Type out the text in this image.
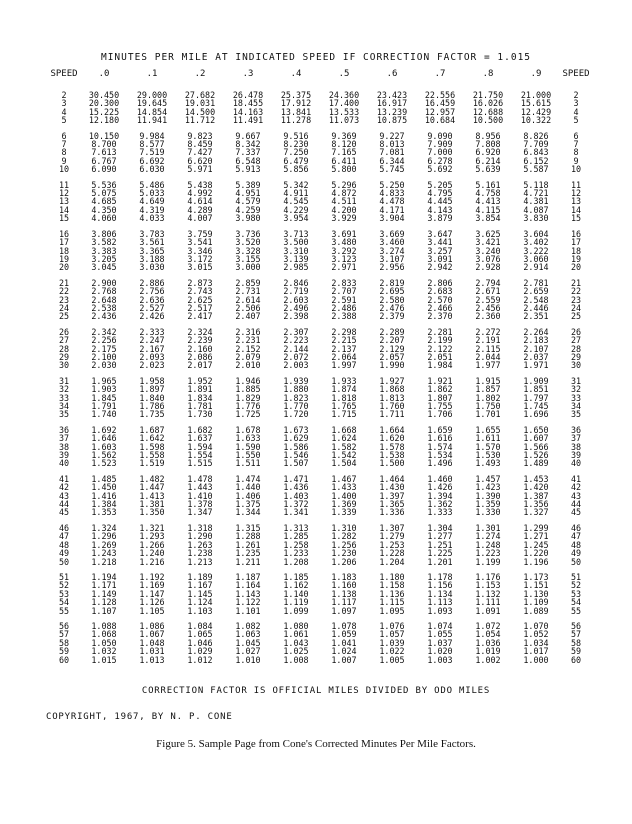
MINUTES PER MILE AT INDICATED SPEED IF CORRECTION FACTOR = 1.015
SPEED	.0	.1	.2	.3	.4	.5	.6	.7	.8	.9	SPEED
2	30.450	29.000	27.682	26.478	25.375	24.360	23.423	22.556	21.750	21.000	2
3	20.300	19.645	19.031	18.455	17.912	17.400	16.917	16.459	16.026	15.615	3
4	15.225	14.854	14.500	14.163	13.841	13.533	13.239	12.957	12.688	12.429	4
5	12.180	11.941	11.712	11.491	11.278	11.073	10.875	10.684	10.500	10.322	5
6	10.150	9.984	9.823	9.667	9.516	9.369	9.227	9.090	8.956	8.826	6
7	8.700	8.577	8.459	8.342	8.230	8.120	8.013	7.909	7.808	7.709	7
8	7.613	7.519	7.427	7.337	7.250	7.165	7.081	7.000	6.920	6.843	8
9	6.767	6.692	6.620	6.548	6.479	6.411	6.344	6.278	6.214	6.152	9
10	6.090	6.030	5.971	5.913	5.856	5.800	5.745	5.692	5.639	5.587	10
11	5.536	5.486	5.438	5.389	5.342	5.296	5.250	5.205	5.161	5.118	11
12	5.075	5.033	4.992	4.951	4.911	4.872	4.833	4.795	4.758	4.721	12
13	4.685	4.649	4.614	4.579	4.545	4.511	4.478	4.445	4.413	4.381	13
14	4.350	4.319	4.289	4.259	4.229	4.200	4.171	4.143	4.115	4.087	14
15	4.060	4.033	4.007	3.980	3.954	3.929	3.904	3.879	3.854	3.830	15
16	3.806	3.783	3.759	3.736	3.713	3.691	3.669	3.647	3.625	3.604	16
17	3.582	3.561	3.541	3.520	3.500	3.480	3.460	3.441	3.421	3.402	17
18	3.383	3.365	3.346	3.328	3.310	3.292	3.274	3.257	3.240	3.222	18
19	3.205	3.188	3.172	3.155	3.139	3.123	3.107	3.091	3.076	3.060	19
20	3.045	3.030	3.015	3.000	2.985	2.971	2.956	2.942	2.928	2.914	20
21	2.900	2.886	2.873	2.859	2.846	2.833	2.819	2.806	2.794	2.781	21
22	2.768	2.756	2.743	2.731	2.719	2.707	2.695	2.683	2.671	2.659	22
23	2.648	2.636	2.625	2.614	2.603	2.591	2.580	2.570	2.559	2.548	23
24	2.538	2.527	2.517	2.506	2.496	2.486	2.476	2.466	2.456	2.446	24
25	2.436	2.426	2.417	2.407	2.398	2.388	2.379	2.370	2.360	2.351	25
26	2.342	2.333	2.324	2.316	2.307	2.298	2.289	2.281	2.272	2.264	26
27	2.256	2.247	2.239	2.231	2.223	2.215	2.207	2.199	2.191	2.183	27
28	2.175	2.167	2.160	2.152	2.144	2.137	2.129	2.122	2.115	2.107	28
29	2.100	2.093	2.086	2.079	2.072	2.064	2.057	2.051	2.044	2.037	29
30	2.030	2.023	2.017	2.010	2.003	1.997	1.990	1.984	1.977	1.971	30
31	1.965	1.958	1.952	1.946	1.939	1.933	1.927	1.921	1.915	1.909	31
32	1.903	1.897	1.891	1.885	1.880	1.874	1.868	1.862	1.857	1.851	32
33	1.845	1.840	1.834	1.829	1.823	1.818	1.813	1.807	1.802	1.797	33
34	1.791	1.786	1.781	1.776	1.770	1.765	1.760	1.755	1.750	1.745	34
35	1.740	1.735	1.730	1.725	1.720	1.715	1.711	1.706	1.701	1.696	35
36	1.692	1.687	1.682	1.678	1.673	1.668	1.664	1.659	1.655	1.650	36
37	1.646	1.642	1.637	1.633	1.629	1.624	1.620	1.616	1.611	1.607	37
38	1.603	1.598	1.594	1.590	1.586	1.582	1.578	1.574	1.570	1.566	38
39	1.562	1.558	1.554	1.550	1.546	1.542	1.538	1.534	1.530	1.526	39
40	1.523	1.519	1.515	1.511	1.507	1.504	1.500	1.496	1.493	1.489	40
41	1.485	1.482	1.478	1.474	1.471	1.467	1.464	1.460	1.457	1.453	41
42	1.450	1.447	1.443	1.440	1.436	1.433	1.430	1.426	1.423	1.420	42
43	1.416	1.413	1.410	1.406	1.403	1.400	1.397	1.394	1.390	1.387	43
44	1.384	1.381	1.378	1.375	1.372	1.369	1.365	1.362	1.359	1.356	44
45	1.353	1.350	1.347	1.344	1.341	1.339	1.336	1.333	1.330	1.327	45
46	1.324	1.321	1.318	1.315	1.313	1.310	1.307	1.304	1.301	1.299	46
47	1.296	1.293	1.290	1.288	1.285	1.282	1.279	1.277	1.274	1.271	47
48	1.269	1.266	1.263	1.261	1.258	1.256	1.253	1.251	1.248	1.245	48
49	1.243	1.240	1.238	1.235	1.233	1.230	1.228	1.225	1.223	1.220	49
50	1.218	1.216	1.213	1.211	1.208	1.206	1.204	1.201	1.199	1.196	50
51	1.194	1.192	1.189	1.187	1.185	1.183	1.180	1.178	1.176	1.173	51
52	1.171	1.169	1.167	1.164	1.162	1.160	1.158	1.156	1.153	1.151	52
53	1.149	1.147	1.145	1.143	1.140	1.138	1.136	1.134	1.132	1.130	53
54	1.128	1.126	1.124	1.122	1.119	1.117	1.115	1.113	1.111	1.109	54
55	1.107	1.105	1.103	1.101	1.099	1.097	1.095	1.093	1.091	1.089	55
56	1.088	1.086	1.084	1.082	1.080	1.078	1.076	1.074	1.072	1.070	56
57	1.068	1.067	1.065	1.063	1.061	1.059	1.057	1.055	1.054	1.052	57
58	1.050	1.048	1.046	1.045	1.043	1.041	1.039	1.037	1.036	1.034	58
59	1.032	1.031	1.029	1.027	1.025	1.024	1.022	1.020	1.019	1.017	59
60	1.015	1.013	1.012	1.010	1.008	1.007	1.005	1.003	1.002	1.000	60
CORRECTION FACTOR IS OFFICIAL MILES DIVIDED BY ODO MILES
COPYRIGHT, 1967, BY N. P. CONE
Figure 5. Sample Page from Cone's Corrected Minutes Per Mile Factors.
